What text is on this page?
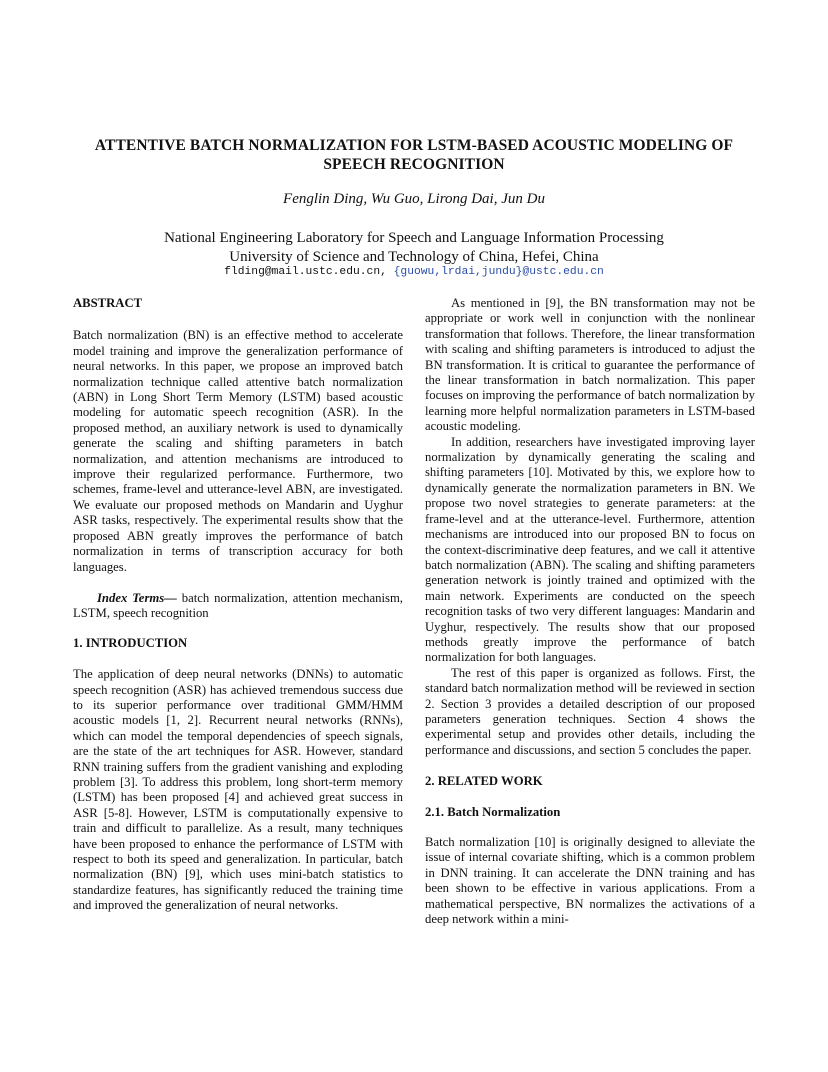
ATTENTIVE BATCH NORMALIZATION FOR LSTM-BASED ACOUSTIC MODELING OF
SPEECH RECOGNITION
Fenglin Ding, Wu Guo, Lirong Dai, Jun Du
National Engineering Laboratory for Speech and Language Information Processing
University of Science and Technology of China, Hefei, China
flding@mail.ustc.edu.cn, {guowu,lrdai,jundu}@ustc.edu.cn

ABSTRACT

Batch normalization (BN) is an effective method to accelerate model training and improve the generalization performance of neural networks. In this paper, we propose an improved batch normalization technique called attentive batch normalization (ABN) in Long Short Term Memory (LSTM) based acoustic modeling for automatic speech recognition (ASR). In the proposed method, an auxiliary network is used to dynamically generate the scaling and shifting parameters in batch normalization, and attention mechanisms are introduced to improve their regularized performance. Furthermore, two schemes, frame-level and utterance-level ABN, are investigated. We evaluate our proposed methods on Mandarin and Uyghur ASR tasks, respectively. The experimental results show that the proposed ABN greatly improves the performance of batch normalization in terms of transcription accuracy for both languages.

Index Terms— batch normalization, attention mechanism, LSTM, speech recognition

1. INTRODUCTION

The application of deep neural networks (DNNs) to automatic speech recognition (ASR) has achieved tremendous success due to its superior performance over traditional GMM/HMM acoustic models [1, 2]. Recurrent neural networks (RNNs), which can model the temporal dependencies of speech signals, are the state of the art techniques for ASR. However, standard RNN training suffers from the gradient vanishing and exploding problem [3]. To address this problem, long short-term memory (LSTM) has been proposed [4] and achieved great success in ASR [5-8]. However, LSTM is computationally expensive to train and difficult to parallelize. As a result, many techniques have been proposed to enhance the performance of LSTM with respect to both its speed and generalization. In particular, batch normalization (BN) [9], which uses mini-batch statistics to standardize features, has significantly reduced the training time and improved the generalization of neural networks.

As mentioned in [9], the BN transformation may not be appropriate or work well in conjunction with the nonlinear transformation that follows. Therefore, the linear transformation with scaling and shifting parameters is introduced to adjust the BN transformation. It is critical to guarantee the performance of the linear transformation in batch normalization. This paper focuses on improving the performance of batch normalization by learning more helpful normalization parameters in LSTM-based acoustic modeling.

In addition, researchers have investigated improving layer normalization by dynamically generating the scaling and shifting parameters [10]. Motivated by this, we explore how to dynamically generate the normalization parameters in BN. We propose two novel strategies to generate parameters: at the frame-level and at the utterance-level. Furthermore, attention mechanisms are introduced into our proposed BN to focus on the context-discriminative deep features, and we call it attentive batch normalization (ABN). The scaling and shifting parameters generation network is jointly trained and optimized with the main network. Experiments are conducted on the speech recognition tasks of two very different languages: Mandarin and Uyghur, respectively. The results show that our proposed methods greatly improve the performance of batch normalization for both languages.

The rest of this paper is organized as follows. First, the standard batch normalization method will be reviewed in section 2. Section 3 provides a detailed description of our proposed parameters generation techniques. Section 4 shows the experimental setup and provides other details, including the performance and discussions, and section 5 concludes the paper.

2. RELATED WORK

2.1. Batch Normalization

Batch normalization [10] is originally designed to alleviate the issue of internal covariate shifting, which is a common problem in DNN training. It can accelerate the DNN training and has been shown to be effective in various applications. From a mathematical perspective, BN normalizes the activations of a deep network within a mini-
